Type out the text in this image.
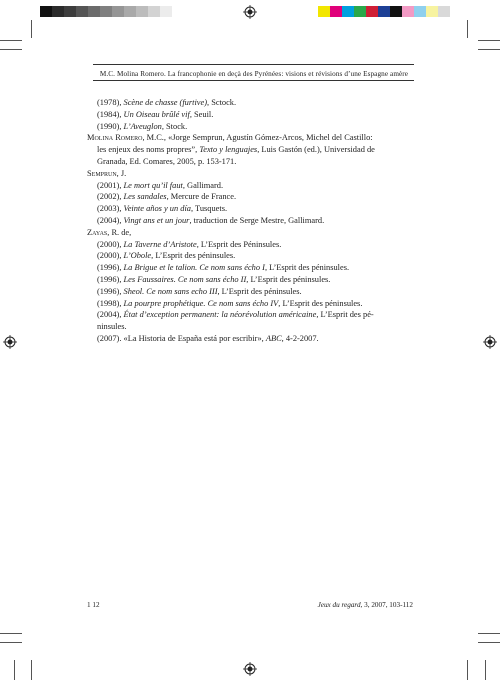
M.C. Molina Romero. La francophonie en deçà des Pyrénées: visions et révisions d’une Espagne amère
(1978), Scène de chasse (furtive), Sctock.
(1984), Un Oiseau brûlé vif, Seuil.
(1990), L’Aveuglon, Stock.
Molina Romero, M.C., «Jorge Semprun, Agustín Gómez-Arcos, Michel del Castillo:
les enjeux des noms propres”, Texto y lenguajes, Luis Gastón (ed.), Universidad de
Granada, Ed. Comares, 2005, p. 153-171.
Semprun, J.
(2001), Le mort qu’il faut, Gallimard.
(2002), Les sandales, Mercure de France.
(2003), Veinte años y un día, Tusquets.
(2004), Vingt ans et un jour, traduction de Serge Mestre, Gallimard.
Zayas, R. de,
(2000), La Taverne d’Aristote, L’Esprit des Péninsules.
(2000), L’Obole, L’Esprit des péninsules.
(1996), La Brigue et le talion. Ce nom sans écho I, L’Esprit des péninsules.
(1996), Les Faussaires. Ce nom sans écho II, L’Esprit des péninsules.
(1996), Sheol. Ce nom sans echo III, L’Esprit des péninsules.
(1998), La pourpre prophétique. Ce nom sans écho IV, L’Esprit des péninsules.
(2004), État d’exception permanent: la néorévolution américaine, L’Esprit des pé-
ninsules.
(2007). «La Historia de España está por escribir», ABC, 4-2-2007.
1 12	Jeux du regard, 3, 2007, 103-112
